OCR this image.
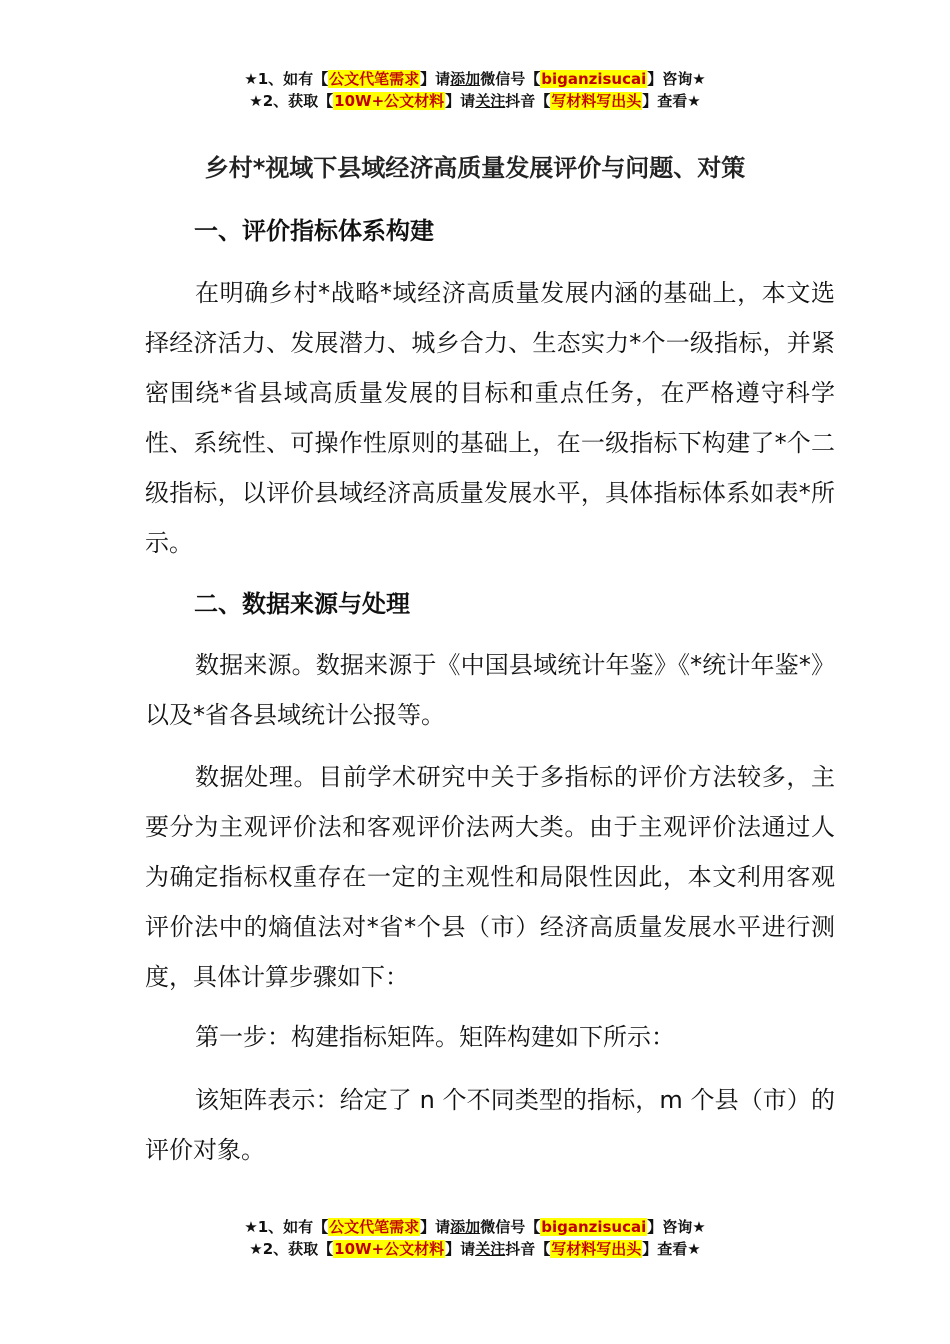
★1、如有【公文代笔需求】请添加微信号【biganzisucai】咨询★
★2、获取【10W+公文材料】请关注抖音【写材料写出头】查看★
乡村*视域下县域经济高质量发展评价与问题、对策
一、评价指标体系构建
在明确乡村*战略*域经济高质量发展内涵的基础上，本文选择经济活力、发展潜力、城乡合力、生态实力*个一级指标，并紧密围绕*省县域高质量发展的目标和重点任务，在严格遵守科学性、系统性、可操作性原则的基础上，在一级指标下构建了*个二级指标，以评价县域经济高质量发展水平，具体指标体系如表*所示。
二、数据来源与处理
数据来源。数据来源于《中国县域统计年鉴》《*统计年鉴*》以及*省各县域统计公报等。
数据处理。目前学术研究中关于多指标的评价方法较多，主要分为主观评价法和客观评价法两大类。由于主观评价法通过人为确定指标权重存在一定的主观性和局限性因此，本文利用客观评价法中的熵值法对*省*个县（市）经济高质量发展水平进行测度，具体计算步骤如下：
第一步：构建指标矩阵。矩阵构建如下所示：
该矩阵表示：给定了 n 个不同类型的指标，m 个县（市）的评价对象。
★1、如有【公文代笔需求】请添加微信号【biganzisucai】咨询★
★2、获取【10W+公文材料】请关注抖音【写材料写出头】查看★
